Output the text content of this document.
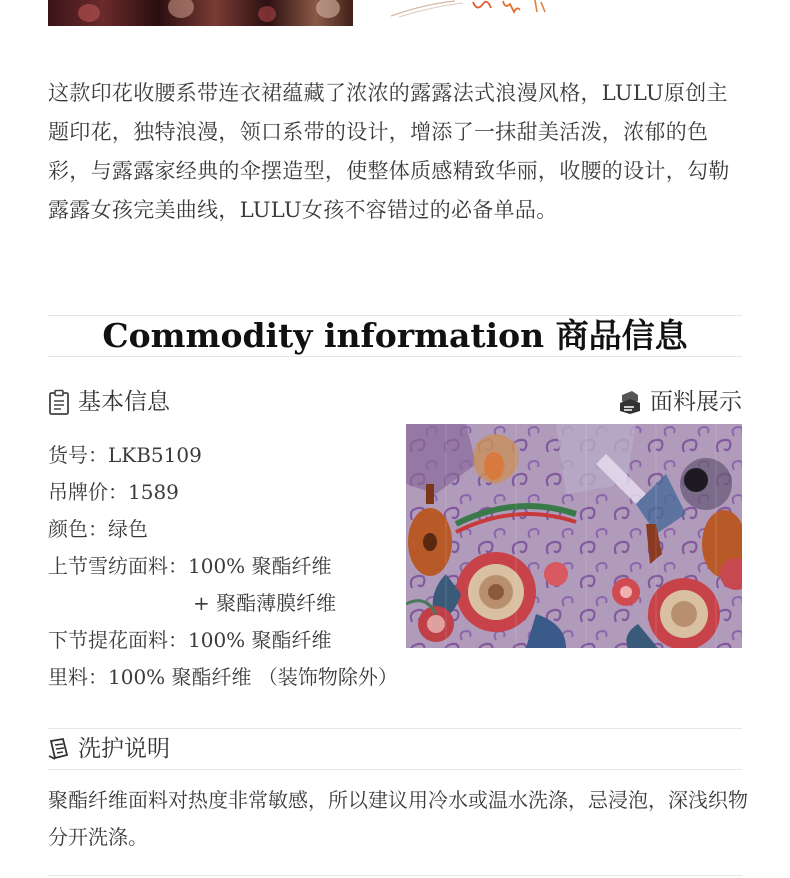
这款印花收腰系带连衣裙蕴藏了浓浓的露露法式浪漫风格，LULU原创主题印花，独特浪漫，领口系带的设计，增添了一抹甜美活泼，浓郁的色彩，与露露家经典的伞摆造型，使整体质感精致华丽，收腰的设计，勾勒露露女孩完美曲线，LULU女孩不容错过的必备单品。

Commodity information 商品信息
基本信息	面料展示
货号：LKB5109
吊牌价：1589
颜色：绿色
上节雪纺面料：100% 聚酯纤维
+ 聚酯薄膜纤维
下节提花面料：100% 聚酯纤维
里料：100% 聚酯纤维 （装饰物除外）
洗护说明

聚酯纤维面料对热度非常敏感，所以建议用冷水或温水洗涤，忌浸泡，深浅织物分开洗涤。
